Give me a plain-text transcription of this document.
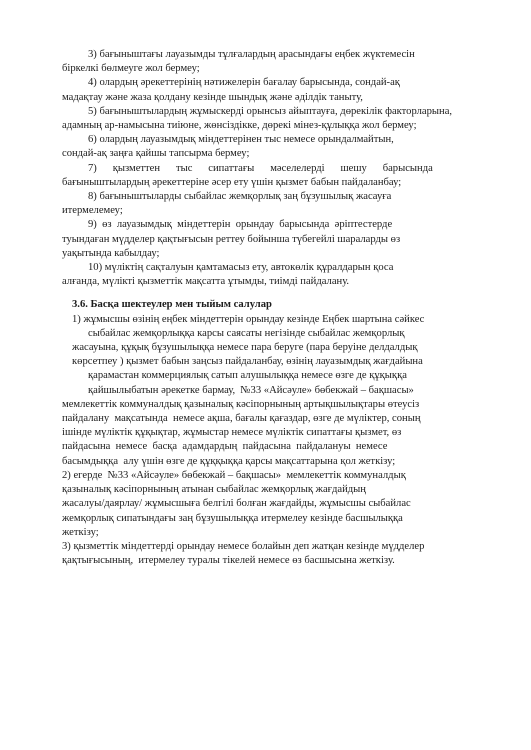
3) бағыныштағы лауазымды тұлғалардың арасындағы еңбек жүктемесін

біркелкі бөлмеуге жол бермеу;

4) олардың әрекеттерінің нәтижелерін бағалау барысында, сондай-ақ

мадақтау және жаза қолдану кезінде шындық және әділдік таныту,

5) бағыныштылардың жұмыскерді орынсыз айыптауға, дөрекілік факторларына,

адамның ар-намысына тиіюне, жөнсіздікке, дөрекі мінез-құлыққа жол бермеу;

6) олардың лауазымдық міндеттерінен тыс немесе орындалмайтын,

сондай-ақ заңға қайшы тапсырма бермеу;

7)      қызметтен      тыс      сипаттағы      мәселелерді      шешу      барысында

бағыныштылардың әрекеттеріне әсер ету үшін қызмет бабын пайдаланбау;

8) бағыныштыларды сыбайлас жемқорлық заң бұзушылық жасауға

итермелемеу;

9)  өз  лауазымдық  міндеттерін  орындау  барысында  әріптестерде

туындаған мүдделер қақтығысын реттеу бойынша түбегейлі шараларды өз

уақытында кабылдау;

10) мүліктің сақталуын қамтамасыз ету, автокөлік құралдарын қоса

алғанда, мүлікті қызметтік мақсатта ұтымды, тиімді пайдалану.

3.6. Басқа шектеулер мен тыйым салулар

1) жұмысшы өзінің еңбек міндеттерін орындау кезінде Еңбек шартына сәйкес

сыбайлас жемқорлыққа карсы саясаты негізінде сыбайлас жемқорлық

жасауына, құқық бұзушылыққа немесе пара беруге (пара беруіне делдалдық

көрсетпеу ) қызмет бабын заңсыз пайдаланбау, өзінің лауазымдық жағдайына

қарамастан коммерциялық сатып алушылыққа немесе өзге де құқыққа

қайшылыбатын әрекетке бармау,  №33 «Айсәуле» бөбекжай – бақшасы»

мемлекеттік коммуналдық қазыналық кәсіпорнының артықшылықтары өтеусіз

пайдалану  мақсатында  немесе ақша, бағалы қағаздар, өзге де мүліктер, соның

ішінде мүліктік құқықтар, жұмыстар немесе мүліктік сипаттағы қызмет, өз

пайдасына  немесе  басқа  адамдардың  пайдасына  пайдалануы  немесе

басымдыққа  алу үшін өзге де құққыққа қарсы мақсаттарына қол жеткізу;

2) егерде  №33 «Айсәуле» бөбекжай – бақшасы»  мемлекеттік коммуналдық

қазыналық кәсіпорнының атынан сыбайлас жемқорлық жағдайдың

жасалуы/даярлау/ жұмысшыға белгілі болған жағдайды, жұмысшы сыбайлас

жемқорлық сипатындағы заң бұзушылыққа итермелеу кезінде басшылыққа

жеткізу;

3) қызметтік міндеттерді орындау немесе болайын деп жатқан кезінде мүдделер

қақтығысының,  итермелеу туралы тікелей немесе өз басшысына жеткізу.
